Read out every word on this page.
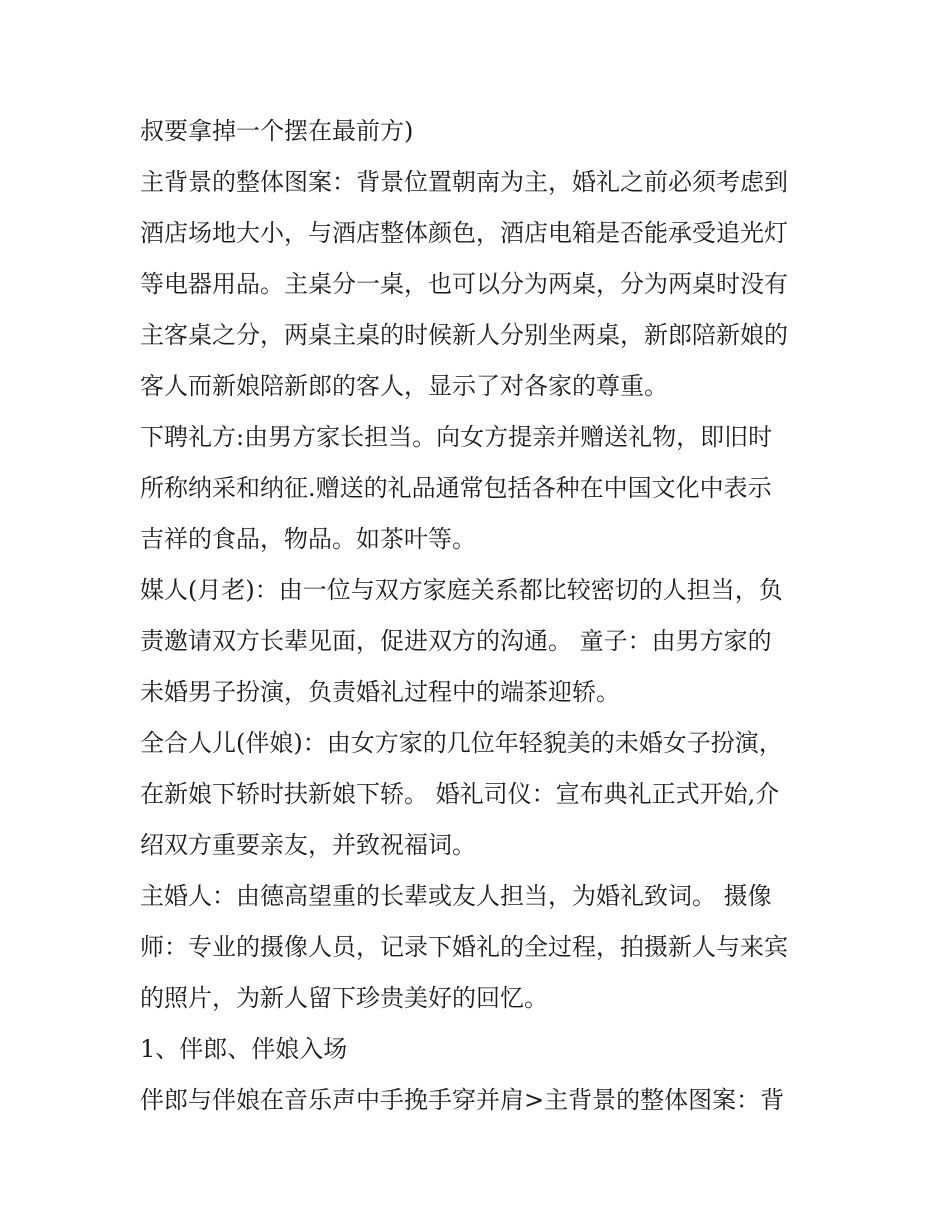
叔要拿掉一个摆在最前方)
主背景的整体图案：背景位置朝南为主，婚礼之前必须考虑到
酒店场地大小，与酒店整体颜色，酒店电箱是否能承受追光灯
等电器用品。主桌分一桌，也可以分为两桌，分为两桌时没有
主客桌之分，两桌主桌的时候新人分别坐两桌，新郎陪新娘的
客人而新娘陪新郎的客人，显示了对各家的尊重。
下聘礼方:由男方家长担当。向女方提亲并赠送礼物，即旧时
所称纳采和纳征.赠送的礼品通常包括各种在中国文化中表示
吉祥的食品，物品。如茶叶等。
媒人(月老)：由一位与双方家庭关系都比较密切的人担当，负
责邀请双方长辈见面，促进双方的沟通。 童子：由男方家的
未婚男子扮演，负责婚礼过程中的端茶迎轿。
全合人儿(伴娘)：由女方家的几位年轻貌美的未婚女子扮演，
在新娘下轿时扶新娘下轿。 婚礼司仪：宣布典礼正式开始,介
绍双方重要亲友，并致祝福词。
主婚人：由德高望重的长辈或友人担当，为婚礼致词。 摄像
师：专业的摄像人员，记录下婚礼的全过程，拍摄新人与来宾
的照片，为新人留下珍贵美好的回忆。
1、伴郎、伴娘入场
伴郎与伴娘在音乐声中手挽手穿并肩>主背景的整体图案：背
